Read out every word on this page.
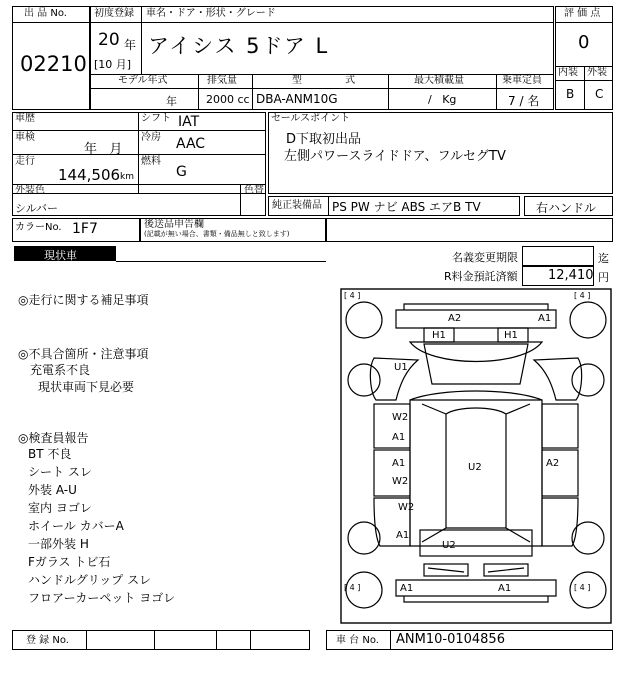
出 品 No.
02210
初度登録 車名・ドア・形状・グレード
20 年
[10 月]
アイシス 5ドア L
モデル年式	排気量	型 式	最大積載量	乗車定員
年	2000 cc DBA-ANM10G	/   Kg	7 / 名
評 価 点
0
内装 外装
B C
車歴	シフト IAT
車検
年   月
冷房 AAC
走行
144,506 km
燃料
G
セールスポイント
D下取初出品
左側パワースライドドア、フルセグTV
外装色
シルバー
色替
純正装備品 PS PW ナビ ABS エアB TV	右ハンドル
カラーNo. 1F7	後送品申告欄
(記載が無い場合、書類・備品無しと致します)
現状車	名義変更期限	迄
R料金預託済額 12,410 円
◎走行に関する補足事項
◎不具合箇所・注意事項
充電系不良
現状車両下見必要
◎検査員報告
BT 不良
シート スレ
外装 A-U
室内 ヨゴレ
ホイール カバーA
一部外装 H
Fガラス トビ石
ハンドルグリップ スレ
フロアーカーペット ヨゴレ
[ 4 ]	[ 4 ]
[ 4 ]	[ 4 ]
A2	A1
H1	H1
U1
W2
A1
A1
W2
W2
A1
U2	A2
U2
A1	A1
登 録 No.	車 台 No. ANM10-0104856
